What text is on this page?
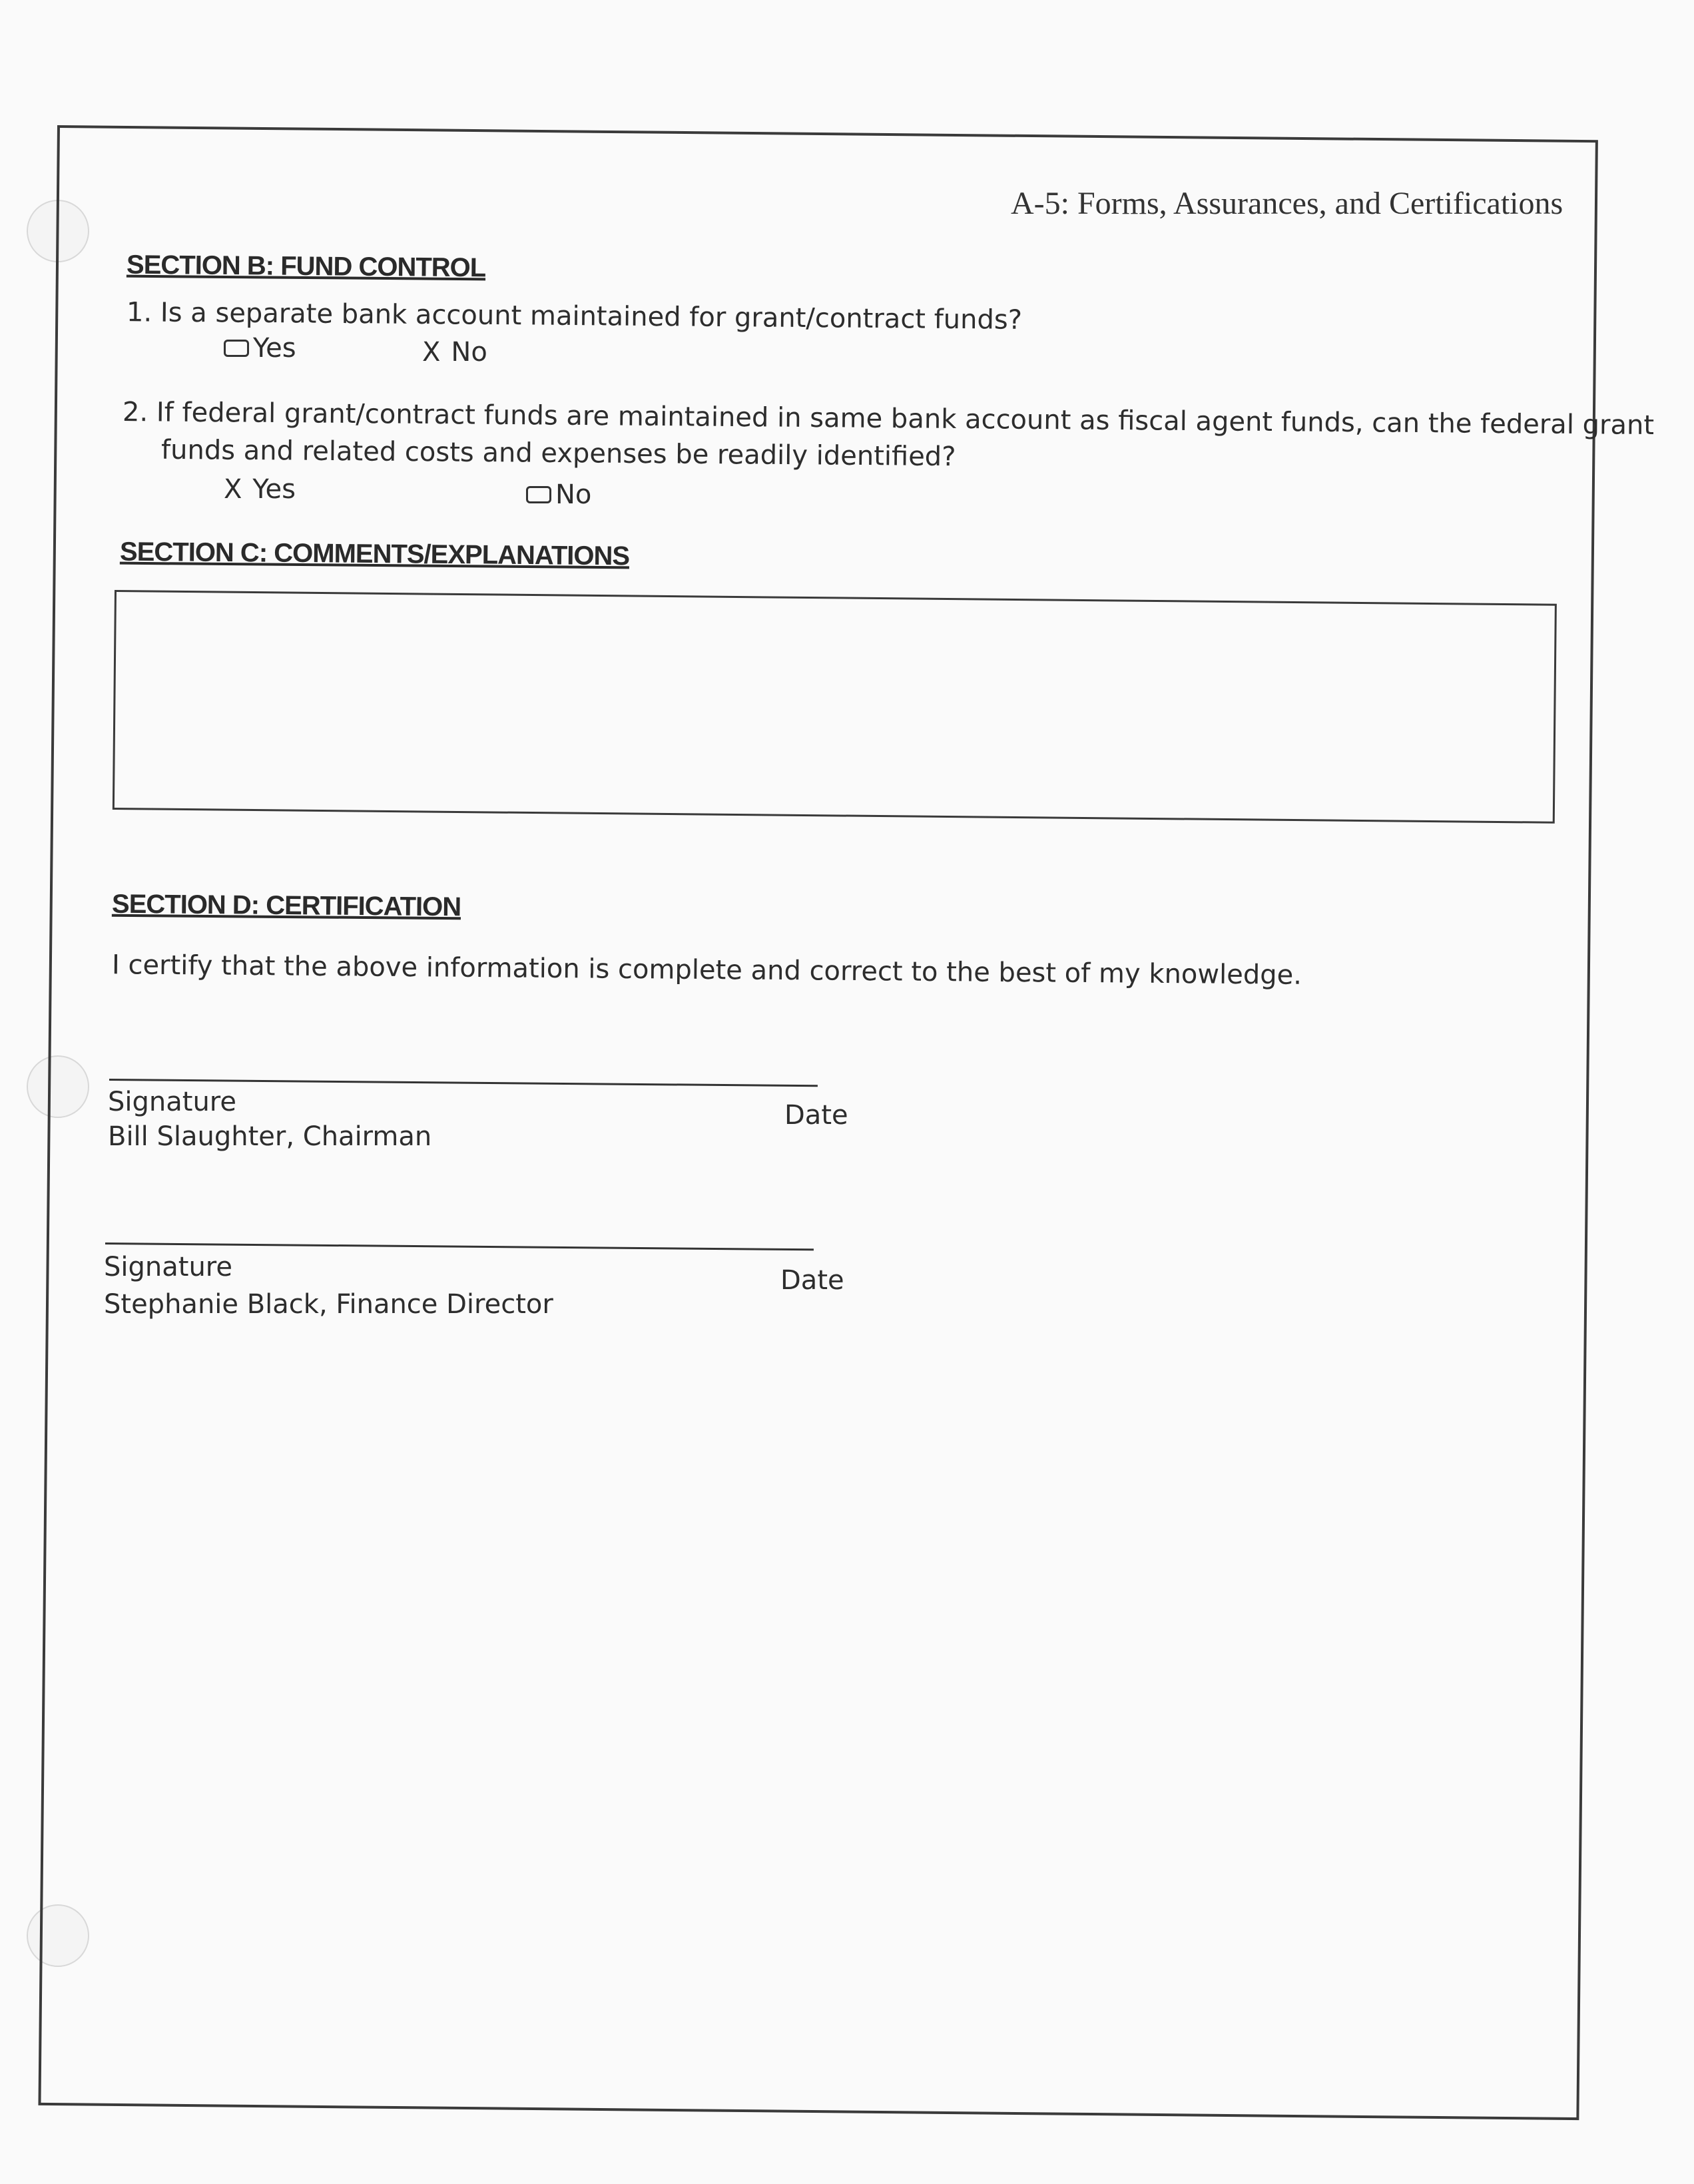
A-5: Forms, Assurances, and Certifications
SECTION B: FUND CONTROL
1. Is a separate bank account maintained for grant/contract funds?
Yes	X No
2. If federal grant/contract funds are maintained in same bank account as fiscal agent funds, can the federal grant
funds and related costs and expenses be readily identified?
X Yes	No
SECTION C: COMMENTS/EXPLANATIONS
SECTION D: CERTIFICATION
I certify that the above information is complete and correct to the best of my knowledge.
Signature
Bill Slaughter, Chairman
Date
Signature
Stephanie Black, Finance Director
Date
